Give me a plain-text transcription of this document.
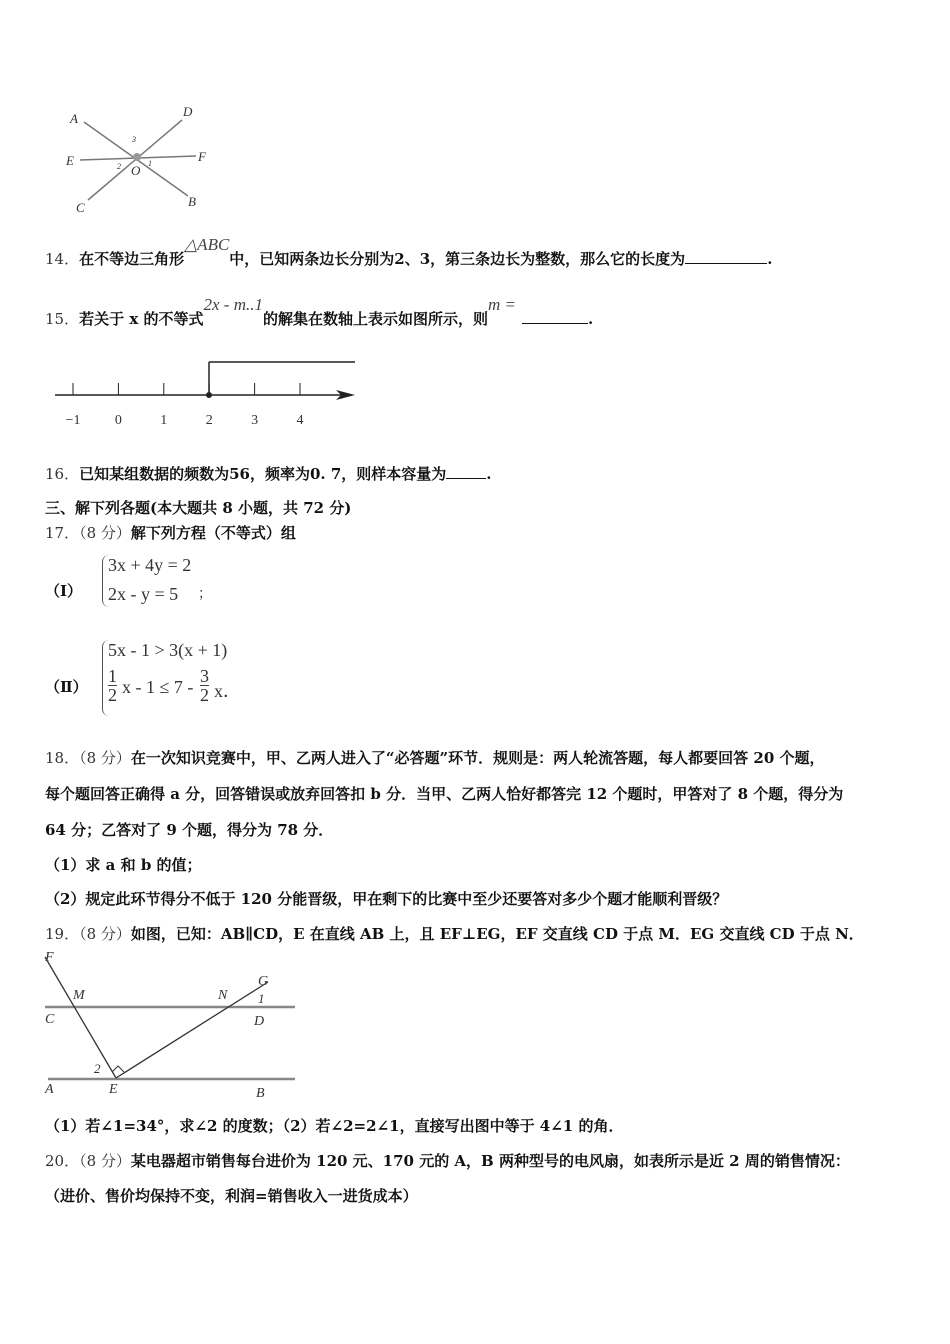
A	D
E	F
O
C	B
1
2
3
14．在不等边三角形△ABC中，已知两条边长分别为2、3，第三条边长为整数，那么它的长度为	.
15．若关于 x 的不等式2x - m..1的解集在数轴上表示如图所示，则m =.
−1 0	1	2	3	4
16．已知某组数据的频数为56，频率为0. 7，则样本容量为	.
三、解下列各题(本大题共 8 小题，共 72 分)
17．（8 分）解下列方程（不等式）组
（Ⅰ）
3x + 4y = 2
2x - y = 5 ；
（Ⅱ）
5x - 1 > 3(x + 1)
$\frac{1}{2}$ $x - 1 \le 7 - \frac{3}{2}$ x．
18．（8 分）在一次知识竞赛中，甲、乙两人进入了“必答题”环节．规则是：两人轮流答题，每人都要回答 20 个题，
每个题回答正确得 a 分，回答错误或放弃回答扣 b 分．当甲、乙两人恰好都答完 12 个题时，甲答对了 8 个题，得分为
64 分；乙答对了 9 个题，得分为 78 分．
（1）求 a 和 b 的值；
（2）规定此环节得分不低于 120 分能晋级，甲在剩下的比赛中至少还要答对多少个题才能顺利晋级？
19．（8 分）如图，已知：AB∥CD，E 在直线 AB 上，且 EF⊥EG，EF 交直线 CD 于点 M．EG 交直线 CD 于点 N．
F
M	N
G
C	D
1
2
A	E	B
（1）若∠1=34°，求∠2 的度数；（2）若∠2=2∠1，直接写出图中等于 4∠1 的角．
20．（8 分）某电器超市销售每台进价为 120 元、170 元的 A，B 两种型号的电风扇，如表所示是近 2 周的销售情况：
（进价、售价均保持不变，利润=销售收入一进货成本）
